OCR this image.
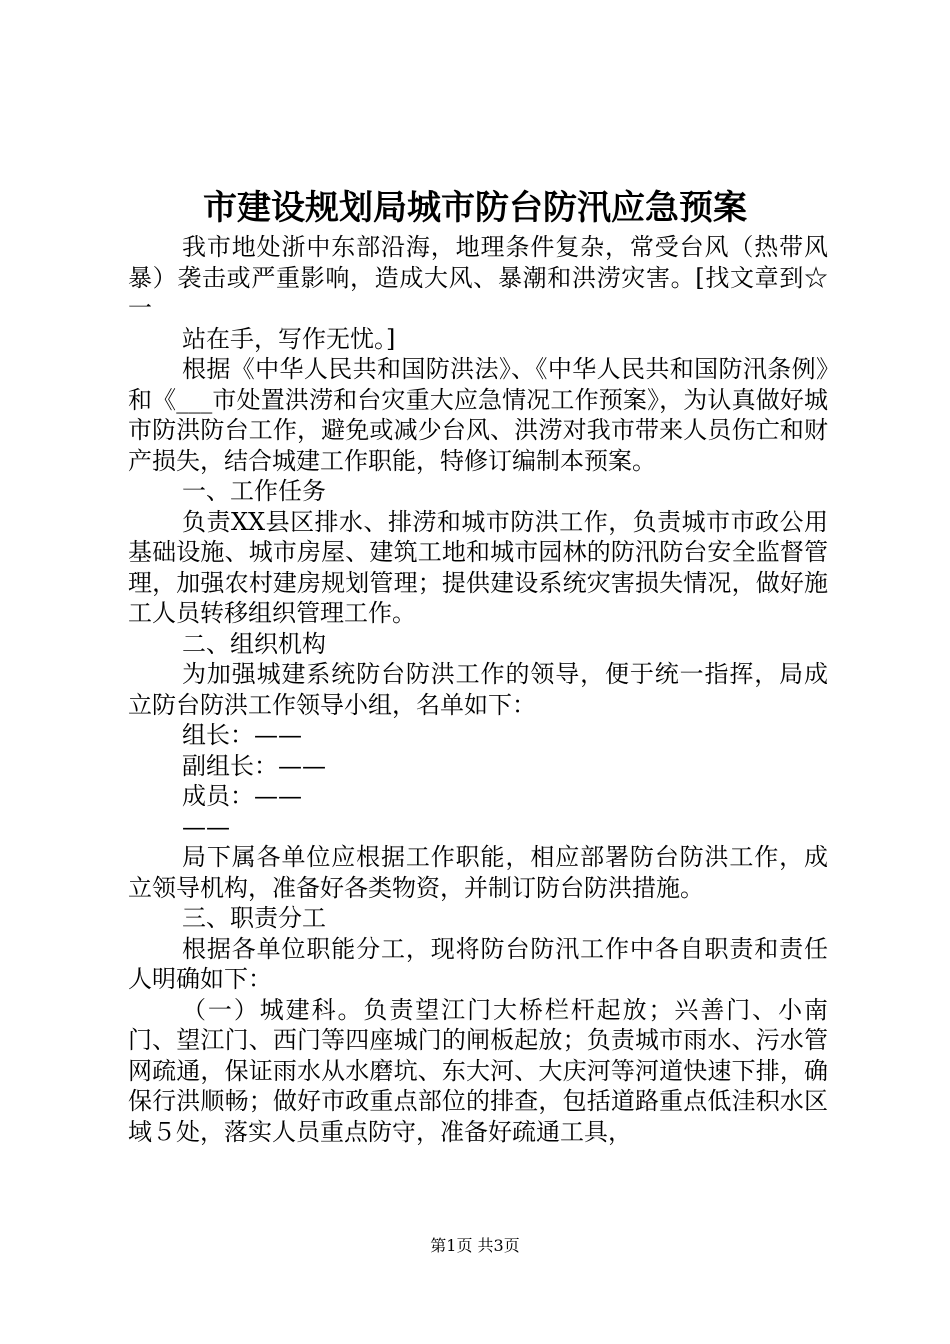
市建设规划局城市防台防汛应急预案

我市地处浙中东部沿海，地理条件复杂，常受台风（热带风暴）袭击或严重影响，造成大风、暴潮和洪涝灾害。[找文章到☆一

站在手，写作无忧。]

根据《中华人民共和国防洪法》、《中华人民共和国防汛条例》和《___市处置洪涝和台灾重大应急情况工作预案》，为认真做好城市防洪防台工作，避免或减少台风、洪涝对我市带来人员伤亡和财产损失，结合城建工作职能，特修订编制本预案。

一、工作任务

负责XX县区排水、排涝和城市防洪工作，负责城市市政公用基础设施、城市房屋、建筑工地和城市园林的防汛防台安全监督管理，加强农村建房规划管理；提供建设系统灾害损失情况，做好施工人员转移组织管理工作。

二、组织机构

为加强城建系统防台防洪工作的领导，便于统一指挥，局成立防台防洪工作领导小组，名单如下：

组长：——

副组长：——

成员：——

——

局下属各单位应根据工作职能，相应部署防台防洪工作，成立领导机构，准备好各类物资，并制订防台防洪措施。

三、职责分工

根据各单位职能分工，现将防台防汛工作中各自职责和责任人明确如下：

（一）城建科。负责望江门大桥栏杆起放；兴善门、小南门、望江门、西门等四座城门的闸板起放；负责城市雨水、污水管网疏通，保证雨水从水磨坑、东大河、大庆河等河道快速下排，确保行洪顺畅；做好市政重点部位的排查，包括道路重点低洼积水区域５处，落实人员重点防守，准备好疏通工具，

第1页 共3页
